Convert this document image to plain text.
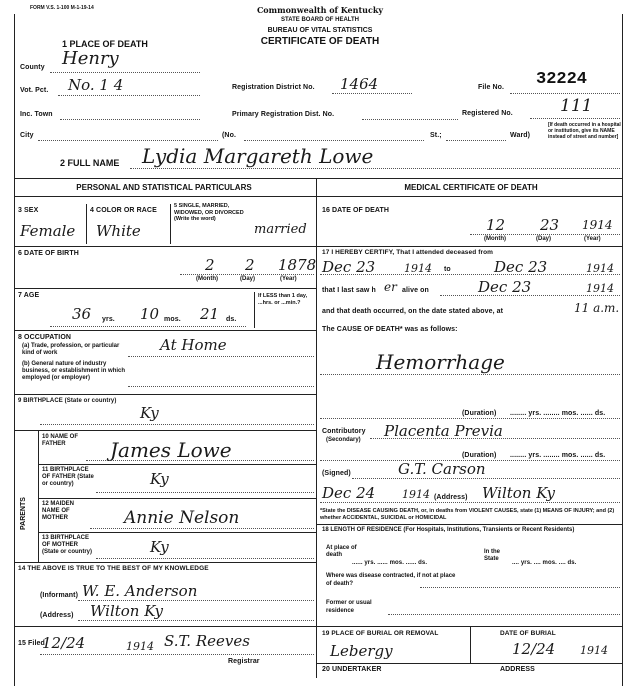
FORM V.S. 1-100 M-1-19-14	Commonwealth of Kentucky
STATE BOARD OF HEALTH
BUREAU OF VITAL STATISTICS
CERTIFICATE OF DEATH
1 PLACE OF DEATH
County Henry
Registration District No. 1464	File No. 32224
Vot. Pct. No. 1 4
Inc. Town	Primary Registration Dist. No.	Registered No.	111
City	(No.	St.;	Ward)
[If death occurred in a hospital or institution, give its NAME instead of street and number]
2 FULL NAME Lydia Margareth Lowe
PERSONAL AND STATISTICAL PARTICULARS	MEDICAL CERTIFICATE OF DEATH
3 SEX
Female
4 COLOR OR RACE
White
5 SINGLE, MARRIED, WIDOWED, OR DIVORCED (Write the word)
married
6 DATE OF BIRTH
2 2 1878
(Month)	(Day)	(Year)
7 AGE
36 yrs. 10 mos. 21 ds.
If LESS than 1 day, ...hrs. or ...min.?
8 OCCUPATION
(a) Trade, profession, or particular kind of work
(b) General nature of industry business, or establishment in which employed (or employer)
At Home
9 BIRTHPLACE (State or country)
Ky
PARENTS
10 NAME OF FATHER	James Lowe
11 BIRTHPLACE OF FATHER (State or country)	Ky
12 MAIDEN NAME OF MOTHER	Annie Nelson
13 BIRTHPLACE OF MOTHER (State or country)	Ky
14 THE ABOVE IS TRUE TO THE BEST OF MY KNOWLEDGE
(Informant) W. E. Anderson
(Address) Wilton Ky
15 Filed
12/24	1914 S.T. Reeves
Registrar
16 DATE OF DEATH
12 23 1914
(Month)	(Day)	(Year)
17 I HEREBY CERTIFY, That I attended deceased from
Dec 23	1914 to	Dec 23	1914
that I last saw h er alive on	Dec 23	1914
and that death occurred, on the date stated above, at	11 a.m.
The CAUSE OF DEATH* was as follows:
Hemorrhage
(Duration) ........ yrs. ........ mos. ...... ds.
Contributory
(Secondary) Placenta Previa
(Duration) ........ yrs. ........ mos. ...... ds.
(Signed)	G.T. Carson
Dec 24 1914 (Address) Wilton Ky
*State the DISEASE CAUSING DEATH, or, in deaths from VIOLENT CAUSES, state (1) MEANS OF INJURY; and (2) whether ACCIDENTAL, SUICIDAL or HOMICIDAL
18 LENGTH OF RESIDENCE (For Hospitals, Institutions, Transients or Recent Residents)
At place of death
...... yrs. ...... mos. ...... ds.
In the State
.... yrs. .... mos. .... ds.
Where was disease contracted, if not at place of death?
Former or usual residence
19 PLACE OF BURIAL OR REMOVAL
Lebergy
DATE OF BURIAL
12/24 1914
20 UNDERTAKER	ADDRESS
